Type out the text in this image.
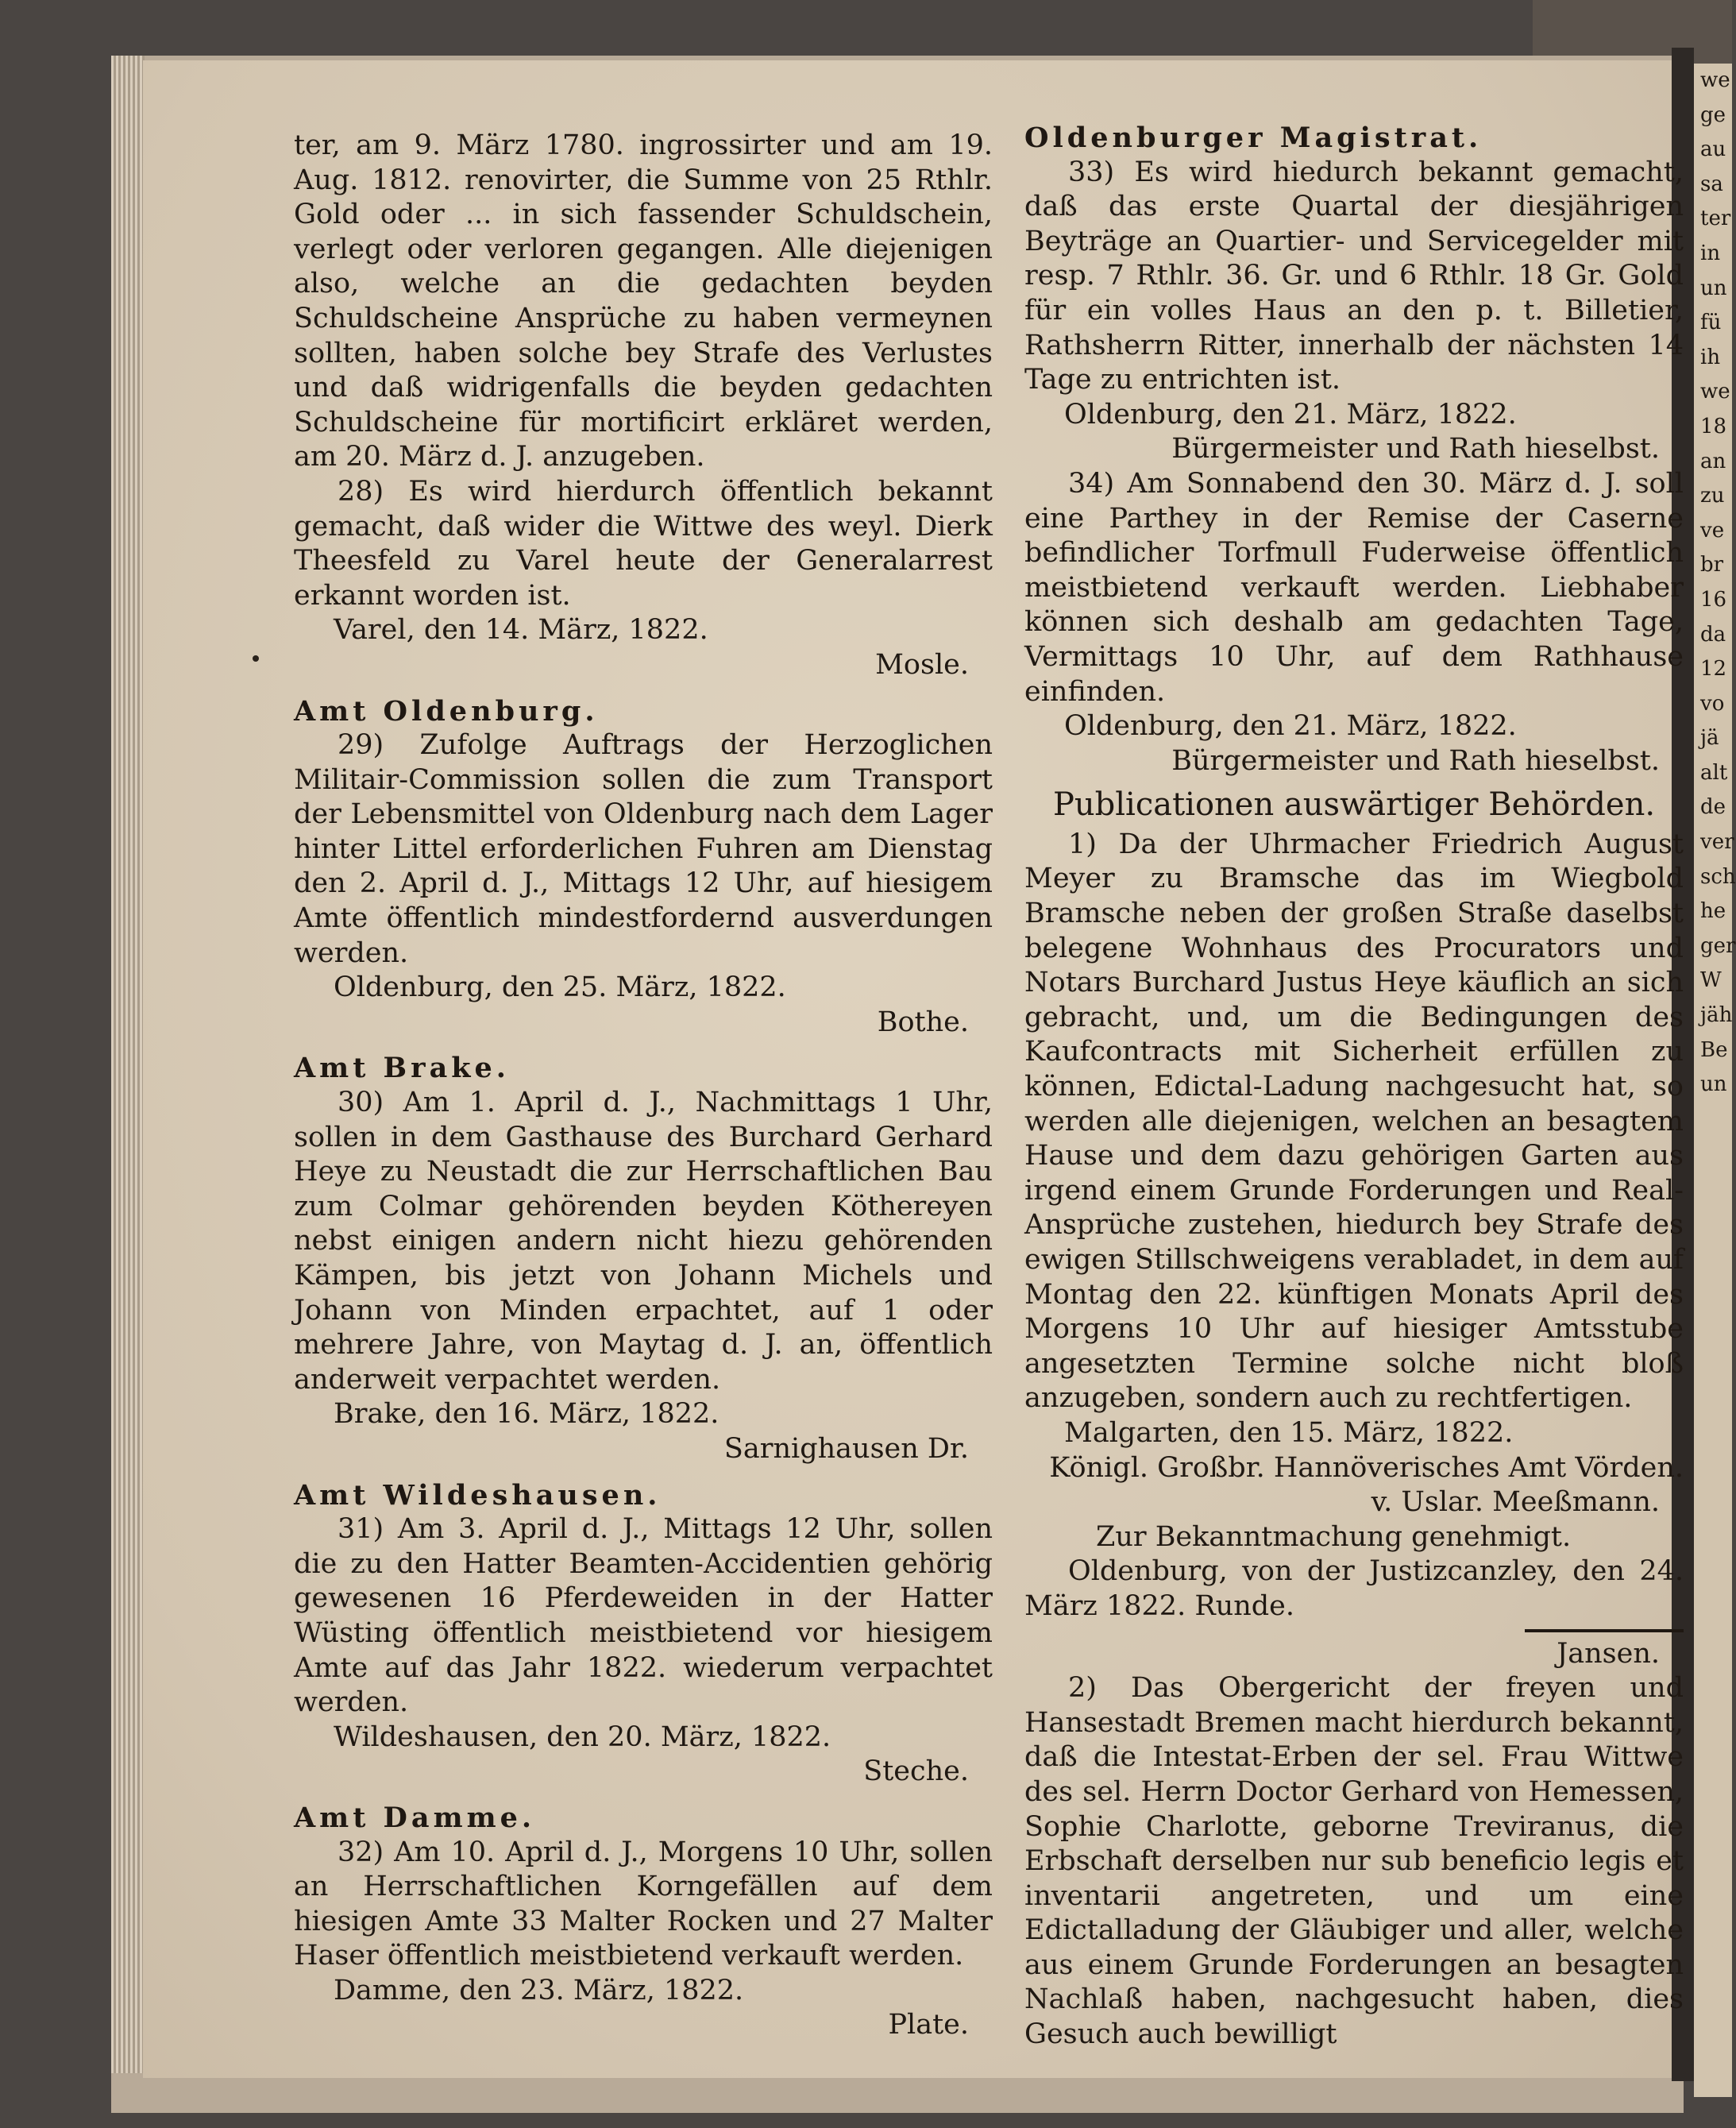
we
ge
au
sa
ter
in
un
fü
ih
we
18
an
zu
ve
br
16
da
12
vo
jä
alt
de
ver
sch
he
ger
W
jäh
Be
un

ter, am 9. März 1780. ingrossirter und am 19. Aug. 1812. renovirter, die Summe von 25 Rthlr. Gold oder ... in sich fassender Schuldschein, verlegt oder verloren gegangen. Alle diejenigen also, welche an die gedachten beyden Schuldscheine Ansprüche zu haben vermeynen sollten, haben solche bey Strafe des Verlustes und daß widrigenfalls die beyden gedachten Schuldscheine für mortificirt erkläret werden, am 20. März d. J. anzugeben.

28) Es wird hierdurch öffentlich bekannt gemacht, daß wider die Wittwe des weyl. Dierk Theesfeld zu Varel heute der Generalarrest erkannt worden ist.

Varel, den 14. März, 1822.

Mosle.

Amt Oldenburg.

29) Zufolge Auftrags der Herzoglichen Militair-Commission sollen die zum Transport der Lebensmittel von Oldenburg nach dem Lager hinter Littel erforderlichen Fuhren am Dienstag den 2. April d. J., Mittags 12 Uhr, auf hiesigem Amte öffentlich mindestfordernd ausverdungen werden.

Oldenburg, den 25. März, 1822.

Bothe.

Amt Brake.

30) Am 1. April d. J., Nachmittags 1 Uhr, sollen in dem Gasthause des Burchard Gerhard Heye zu Neustadt die zur Herrschaftlichen Bau zum Colmar gehörenden beyden Köthereyen nebst einigen andern nicht hiezu gehörenden Kämpen, bis jetzt von Johann Michels und Johann von Minden erpachtet, auf 1 oder mehrere Jahre, von Maytag d. J. an, öffentlich anderweit verpachtet werden.

Brake, den 16. März, 1822.

Sarnighausen Dr.

Amt Wildeshausen.

31) Am 3. April d. J., Mittags 12 Uhr, sollen die zu den Hatter Beamten-Accidentien gehörig gewesenen 16 Pferdeweiden in der Hatter Wüsting öffentlich meistbietend vor hiesigem Amte auf das Jahr 1822. wiederum verpachtet werden.

Wildeshausen, den 20. März, 1822.

Steche.

Amt Damme.

32) Am 10. April d. J., Morgens 10 Uhr, sollen an Herrschaftlichen Korngefällen auf dem hiesigen Amte 33 Malter Rocken und 27 Malter Haser öffentlich meistbietend verkauft werden.

Damme, den 23. März, 1822.

Plate.

Oldenburger Magistrat.

33) Es wird hiedurch bekannt gemacht, daß das erste Quartal der diesjährigen Beyträge an Quartier- und Servicegelder mit resp. 7 Rthlr. 36. Gr. und 6 Rthlr. 18 Gr. Gold für ein volles Haus an den p. t. Billetier, Rathsherrn Ritter, innerhalb der nächsten 14 Tage zu entrichten ist.

Oldenburg, den 21. März, 1822.

Bürgermeister und Rath hieselbst.

34) Am Sonnabend den 30. März d. J. soll eine Parthey in der Remise der Caserne befindlicher Torfmull Fuderweise öffentlich meistbietend verkauft werden. Liebhaber können sich deshalb am gedachten Tage, Vermittags 10 Uhr, auf dem Rathhause einfinden.

Oldenburg, den 21. März, 1822.

Bürgermeister und Rath hieselbst.

Publicationen auswärtiger Behörden.

1) Da der Uhrmacher Friedrich August Meyer zu Bramsche das im Wiegbold Bramsche neben der großen Straße daselbst belegene Wohnhaus des Procurators und Notars Burchard Justus Heye käuflich an sich gebracht, und, um die Bedingungen des Kaufcontracts mit Sicherheit erfüllen zu können, Edictal-Ladung nachgesucht hat, so werden alle diejenigen, welchen an besagtem Hause und dem dazu gehörigen Garten aus irgend einem Grunde Forderungen und Real-Ansprüche zustehen, hiedurch bey Strafe des ewigen Stillschweigens verabladet, in dem auf Montag den 22. künftigen Monats April des Morgens 10 Uhr auf hiesiger Amtsstube angesetzten Termine solche nicht bloß anzugeben, sondern auch zu rechtfertigen.

Malgarten, den 15. März, 1822.

Königl. Großbr. Hannöverisches Amt Vörden.

v. Uslar. Meeßmann.

Zur Bekanntmachung genehmigt.

Oldenburg, von der Justizcanzley, den 24. März 1822. Runde.

Jansen.

2) Das Obergericht der freyen und Hansestadt Bremen macht hierdurch bekannt, daß die Intestat-Erben der sel. Frau Wittwe des sel. Herrn Doctor Gerhard von Hemessen, Sophie Charlotte, geborne Treviranus, die Erbschaft derselben nur sub beneficio legis et inventarii angetreten, und um eine Edictalladung der Gläubiger und aller, welche aus einem Grunde Forderungen an besagten Nachlaß haben, nachgesucht haben, dies Gesuch auch bewilligt
